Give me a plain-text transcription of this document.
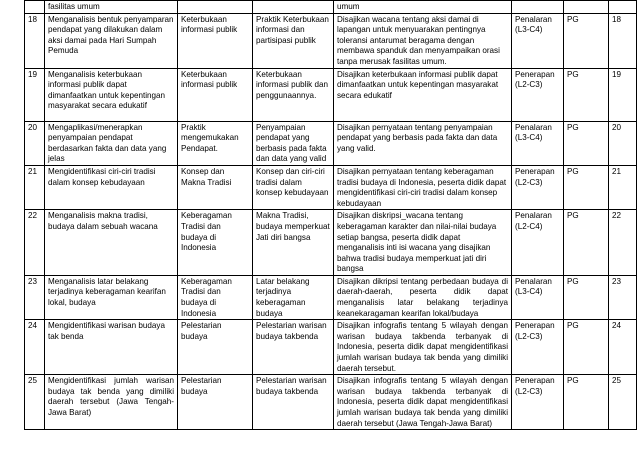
	fasilitas umum			umum			
18	Menganalisis bentuk penyamparan pendapat yang dilakukan dalam aksi damai pada Hari Sumpah Pemuda	Keterbukaan informasi publik	Praktik Keterbukaan informasi dan partisipasi publik	Disajikan wacana tentang aksi damai di lapangan untuk menyuarakan pentingnya toleransi antarumat beragama dengan membawa spanduk dan menyampaikan orasi tanpa merusak fasilitas umum.	Penalaran (L3-C4)	PG	18
19	Menganalisis keterbukaan informasi publik dapat dimanfaatkan untuk kepentingan masyarakat secara edukatif	Keterbukaan informasi publik	Keterbukaan informasi publik dan penggunaannya.	Disajikan keterbukaan informasi publik dapat dimanfaatkan untuk kepentingan masyarakat secara edukatif	Penerapan (L2-C3)	PG	19
20	Mengaplikasi/menerapkan penyampaian pendapat berdasarkan fakta dan data yang jelas	Praktik mengemukakan Pendapat.	Penyampaian pendapat yang berbasis pada fakta dan data yang valid	Disajikan pernyataan tentang penyampaian pendapat yang berbasis pada fakta dan data yang valid.	Penalaran (L3-C4)	PG	20
21	Mengidentifikasi ciri-ciri tradisi dalam konsep kebudayaan	Konsep dan Makna Tradisi	Konsep dan ciri-ciri tradisi dalam konsep kebudayaan	Disajikan pernyataan tentang keberagaman tradisi budaya di Indonesia, peserta didik dapat mengidentifikasi ciri-ciri tradisi dalam konsep kebudayaan	Penerapan (L2-C3)	PG	21
22	Menganalisis makna tradisi, budaya dalam sebuah wacana	Keberagaman Tradisi dan budaya di Indonesia	Makna Tradisi, budaya memperkuat Jati diri bangsa	Disajikan diskripsi_wacana tentang keberagaman karakter dan nilai-nilai budaya setiap bangsa, peserta didik dapat menganalisis inti isi wacana yang disajikan bahwa tradisi budaya memperkuat jati diri bangsa	Penalaran (L2-C4)	PG	22
23	Menganalisis latar belakang terjadinya keberagaman kearifan lokal, budaya	Keberagaman Tradisi dan budaya di Indonesia	Latar belakang terjadinya keberagaman budaya	Disajikan dikripsi tentang perbedaan budaya di daerah-daerah, peserta didik dapat menganalisis latar belakang terjadinya keanekaragaman kearifan lokal/budaya	Penalaran (L3-C4)	PG	23
24	Mengidentifikasi warisan budaya tak benda	Pelestarian budaya	Pelestarian warisan budaya takbenda	Disajikan infografis tentang 5 wilayah dengan warisan budaya takbenda terbanyak di Indonesia, peserta didik dapat mengidentifikasi jumlah warisan budaya tak benda yang dimiliki daerah tersebut.	Penerapan (L2-C3)	PG	24
25	Mengidentifikasi jumlah warisan budaya tak benda yang dimiliki daerah tersebut (Jawa Tengah-Jawa Barat)	Pelestarian budaya	Pelestarian warisan budaya takbenda	Disajikan infografis tentang 5 wilayah dengan warisan budaya takbenda terbanyak di Indonesia, peserta didik dapat mengidentifikasi jumlah warisan budaya tak benda yang dimiliki daerah tersebut (Jawa Tengah-Jawa Barat)	Penerapan (L2-C3)	PG	25
